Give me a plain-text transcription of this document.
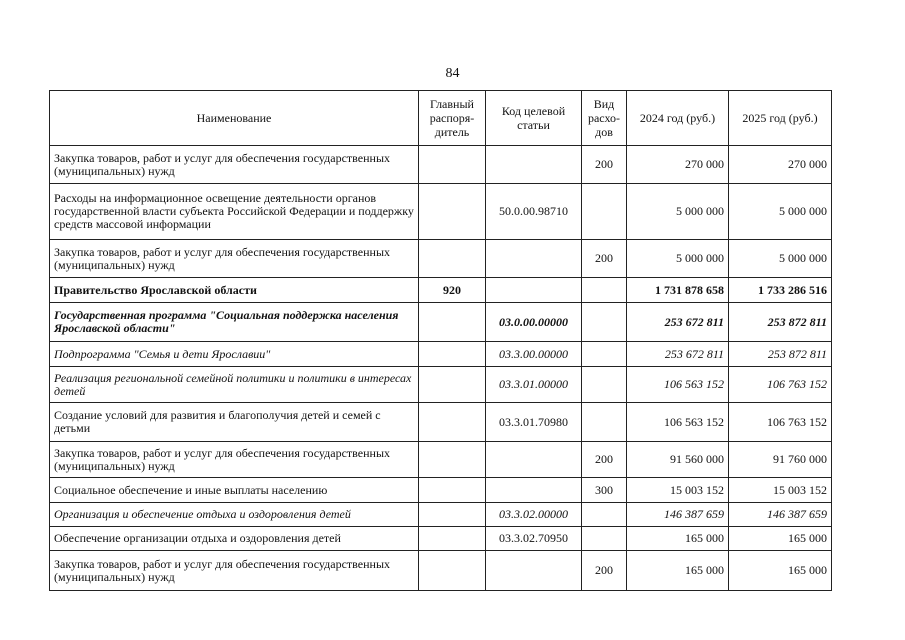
84
Наименование	Главный распоря-дитель	Код целевой статьи	Вид расхо-дов	2024 год (руб.)	2025 год (руб.)
Закупка товаров, работ и услуг для обеспечения государственных (муниципальных) нужд			200	270 000	270 000
Расходы на информационное освещение деятельности органов государственной власти субъекта Российской Федерации и поддержку средств массовой информации		50.0.00.98710		5 000 000	5 000 000
Закупка товаров, работ и услуг для обеспечения государственных (муниципальных) нужд			200	5 000 000	5 000 000
Правительство Ярославской области	920			1 731 878 658	1 733 286 516
Государственная программа "Социальная поддержка населения Ярославской области"		03.0.00.00000		253 672 811	253 872 811
Подпрограмма "Семья и дети Ярославии"		03.3.00.00000		253 672 811	253 872 811
Реализация региональной семейной политики и политики в интересах детей		03.3.01.00000		106 563 152	106 763 152
Создание условий для развития и благополучия детей и семей с детьми		03.3.01.70980		106 563 152	106 763 152
Закупка товаров, работ и услуг для обеспечения государственных (муниципальных) нужд			200	91 560 000	91 760 000
Социальное обеспечение и иные выплаты населению			300	15 003 152	15 003 152
Организация и обеспечение отдыха и оздоровления детей		03.3.02.00000		146 387 659	146 387 659
Обеспечение организации отдыха и оздоровления детей		03.3.02.70950		165 000	165 000
Закупка товаров, работ и услуг для обеспечения государственных (муниципальных) нужд			200	165 000	165 000
